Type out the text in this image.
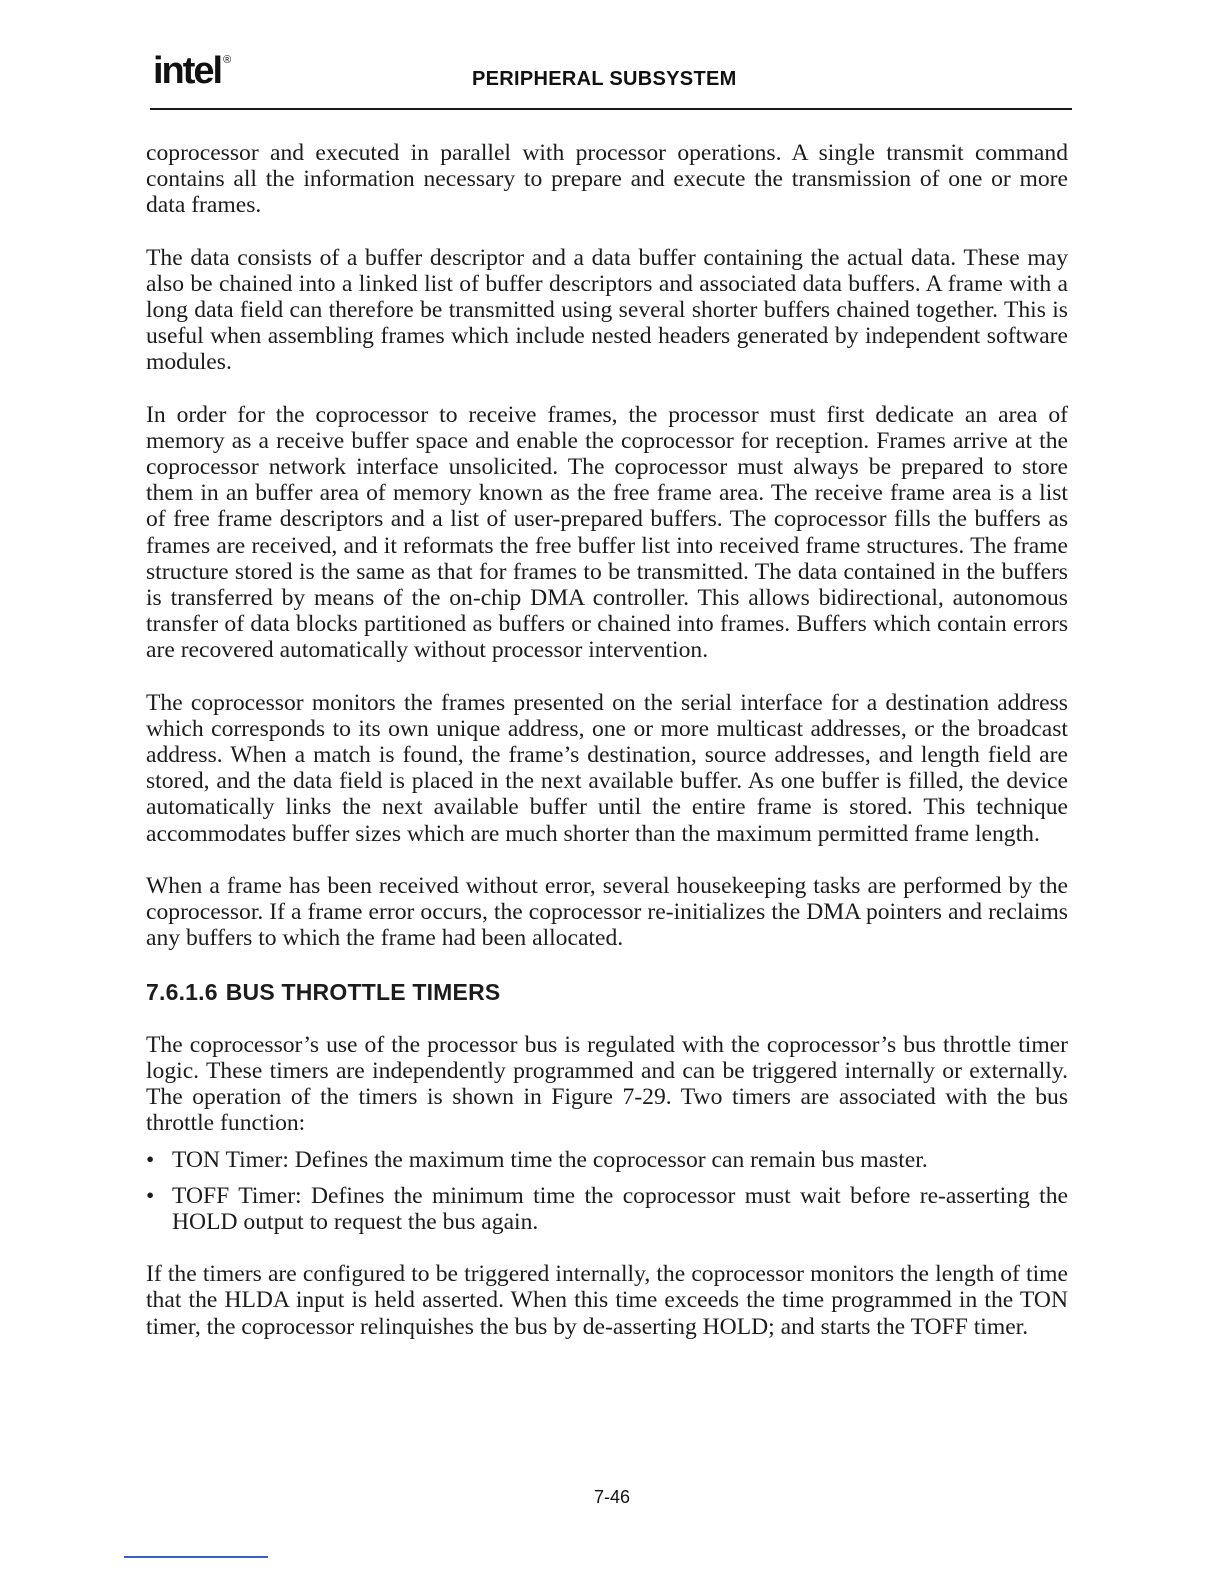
intel ®
PERIPHERAL SUBSYSTEM

coprocessor and executed in parallel with processor operations. A single transmit command contains all the information necessary to prepare and execute the transmission of one or more data frames.

The data consists of a buffer descriptor and a data buffer containing the actual data. These may also be chained into a linked list of buffer descriptors and associated data buffers. A frame with a long data field can therefore be transmitted using several shorter buffers chained together. This is useful when assembling frames which include nested headers generated by independent software modules.

In order for the coprocessor to receive frames, the processor must first dedicate an area of memory as a receive buffer space and enable the coprocessor for reception. Frames arrive at the coprocessor network interface unsolicited. The coprocessor must always be prepared to store them in an buffer area of memory known as the free frame area. The receive frame area is a list of free frame descriptors and a list of user-prepared buffers. The coprocessor fills the buffers as frames are received, and it reformats the free buffer list into received frame structures. The frame structure stored is the same as that for frames to be transmitted. The data contained in the buffers is transferred by means of the on-chip DMA controller. This allows bidirectional, autonomous transfer of data blocks partitioned as buffers or chained into frames. Buffers which contain errors are recovered automatically without processor intervention.

The coprocessor monitors the frames presented on the serial interface for a destination address which corresponds to its own unique address, one or more multicast addresses, or the broadcast address. When a match is found, the frame’s destination, source addresses, and length field are stored, and the data field is placed in the next available buffer. As one buffer is filled, the device automatically links the next available buffer until the entire frame is stored. This technique accommodates buffer sizes which are much shorter than the maximum permitted frame length.

When a frame has been received without error, several housekeeping tasks are performed by the coprocessor. If a frame error occurs, the coprocessor re-initializes the DMA pointers and reclaims any buffers to which the frame had been allocated.

7.6.1.6 BUS THROTTLE TIMERS

The coprocessor’s use of the processor bus is regulated with the coprocessor’s bus throttle timer logic. These timers are independently programmed and can be triggered internally or externally. The operation of the timers is shown in Figure 7-29. Two timers are associated with the bus throttle function:

• TON Timer: Defines the maximum time the coprocessor can remain bus master.
• TOFF Timer: Defines the minimum time the coprocessor must wait before re-asserting the HOLD output to request the bus again.

If the timers are configured to be triggered internally, the coprocessor monitors the length of time that the HLDA input is held asserted. When this time exceeds the time programmed in the TON timer, the coprocessor relinquishes the bus by de-asserting HOLD; and starts the TOFF timer.

7-46
